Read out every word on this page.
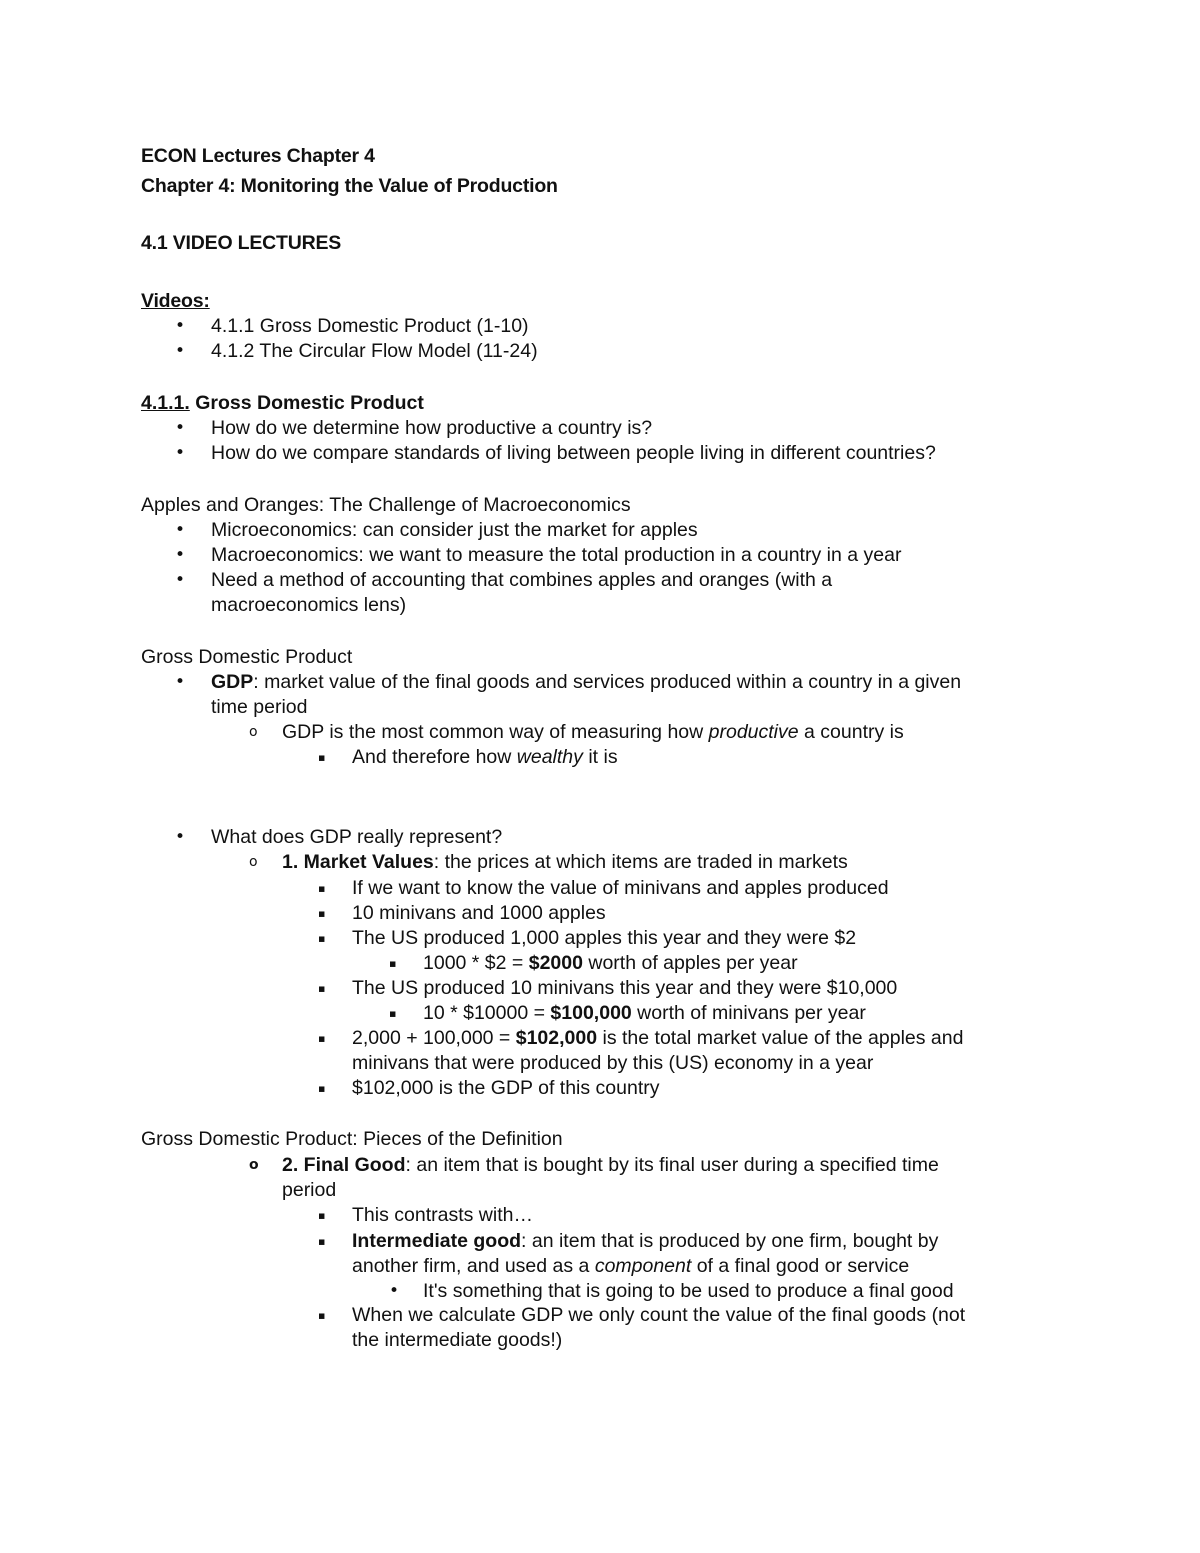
ECON Lectures Chapter 4
Chapter 4: Monitoring the Value of Production
4.1 VIDEO LECTURES
Videos:
• 4.1.1 Gross Domestic Product (1-10)
• 4.1.2 The Circular Flow Model (11-24)
4.1.1. Gross Domestic Product
• How do we determine how productive a country is?
• How do we compare standards of living between people living in different countries?
Apples and Oranges: The Challenge of Macroeconomics
• Microeconomics: can consider just the market for apples
• Macroeconomics: we want to measure the total production in a country in a year
• Need a method of accounting that combines apples and oranges (with a
macroeconomics lens)
Gross Domestic Product
• GDP: market value of the final goods and services produced within a country in a given
time period
o GDP is the most common way of measuring how productive a country is
▪ And therefore how wealthy it is
• What does GDP really represent?
o 1. Market Values: the prices at which items are traded in markets
▪ If we want to know the value of minivans and apples produced
▪ 10 minivans and 1000 apples
▪ The US produced 1,000 apples this year and they were $2
▪ 1000 * $2 = $2000 worth of apples per year
▪ The US produced 10 minivans this year and they were $10,000
▪ 10 * $10000 = $100,000 worth of minivans per year
▪ 2,000 + 100,000 = $102,000 is the total market value of the apples and
minivans that were produced by this (US) economy in a year
▪ $102,000 is the GDP of this country
Gross Domestic Product: Pieces of the Definition
o 2. Final Good: an item that is bought by its final user during a specified time
period
▪ This contrasts with…
▪ Intermediate good: an item that is produced by one firm, bought by
another firm, and used as a component of a final good or service
• It's something that is going to be used to produce a final good
▪ When we calculate GDP we only count the value of the final goods (not
the intermediate goods!)
